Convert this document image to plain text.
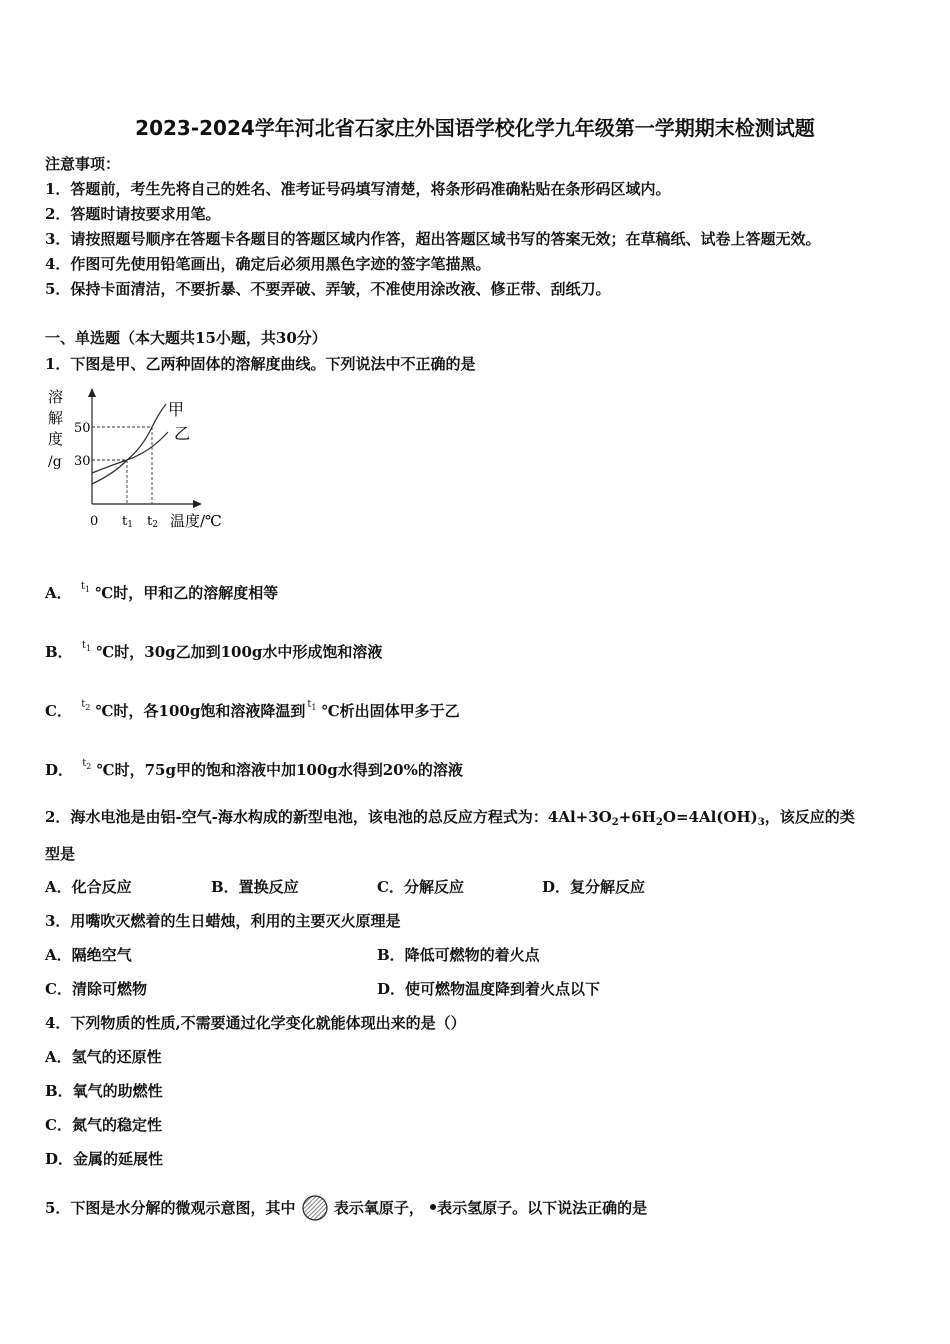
2023-2024学年河北省石家庄外国语学校化学九年级第一学期期末检测试题
注意事项：
1．答题前，考生先将自己的姓名、准考证号码填写清楚，将条形码准确粘贴在条形码区域内。
2．答题时请按要求用笔。
3．请按照题号顺序在答题卡各题目的答题区域内作答，超出答题区域书写的答案无效；在草稿纸、试卷上答题无效。
4．作图可先使用铅笔画出，确定后必须用黑色字迹的签字笔描黑。
5．保持卡面清洁，不要折暴、不要弄破、弄皱，不准使用涂改液、修正带、刮纸刀。
一、单选题（本大题共15小题，共30分）
1．下图是甲、乙两种固体的溶解度曲线。下列说法中不正确的是
溶
解
度
/g
50
30
0 t1 t2 温度/℃
甲
乙
A． $^{t1}$ ℃时，甲和乙的溶解度相等
B． $^{t1}$ ℃时，30g乙加到100g水中形成饱和溶液
C． $^{t2}$ ℃时，各100g饱和溶液降温到 $^{t1}$ ℃析出固体甲多于乙
D． $^{t2}$ ℃时，75g甲的饱和溶液中加100g水得到20%的溶液
2．海水电池是由铝-空气-海水构成的新型电池，该电池的总反应方程式为：$4Al+3O_2+6H_2O=4Al(OH)_3$，该反应的类
型是
A．化合反应	B．置换反应	C．分解反应	D．复分解反应
3．用嘴吹灭燃着的生日蜡烛，利用的主要灭火原理是
A．隔绝空气	B．降低可燃物的着火点
C．清除可燃物	D．使可燃物温度降到着火点以下
4．下列物质的性质,不需要通过化学变化就能体现出来的是（）
A．氢气的还原性
B．氧气的助燃性
C．氮气的稳定性
D．金属的延展性
5．下图是水分解的微观示意图，其中	表示氧原子， 表示氢原子。以下说法正确的是
